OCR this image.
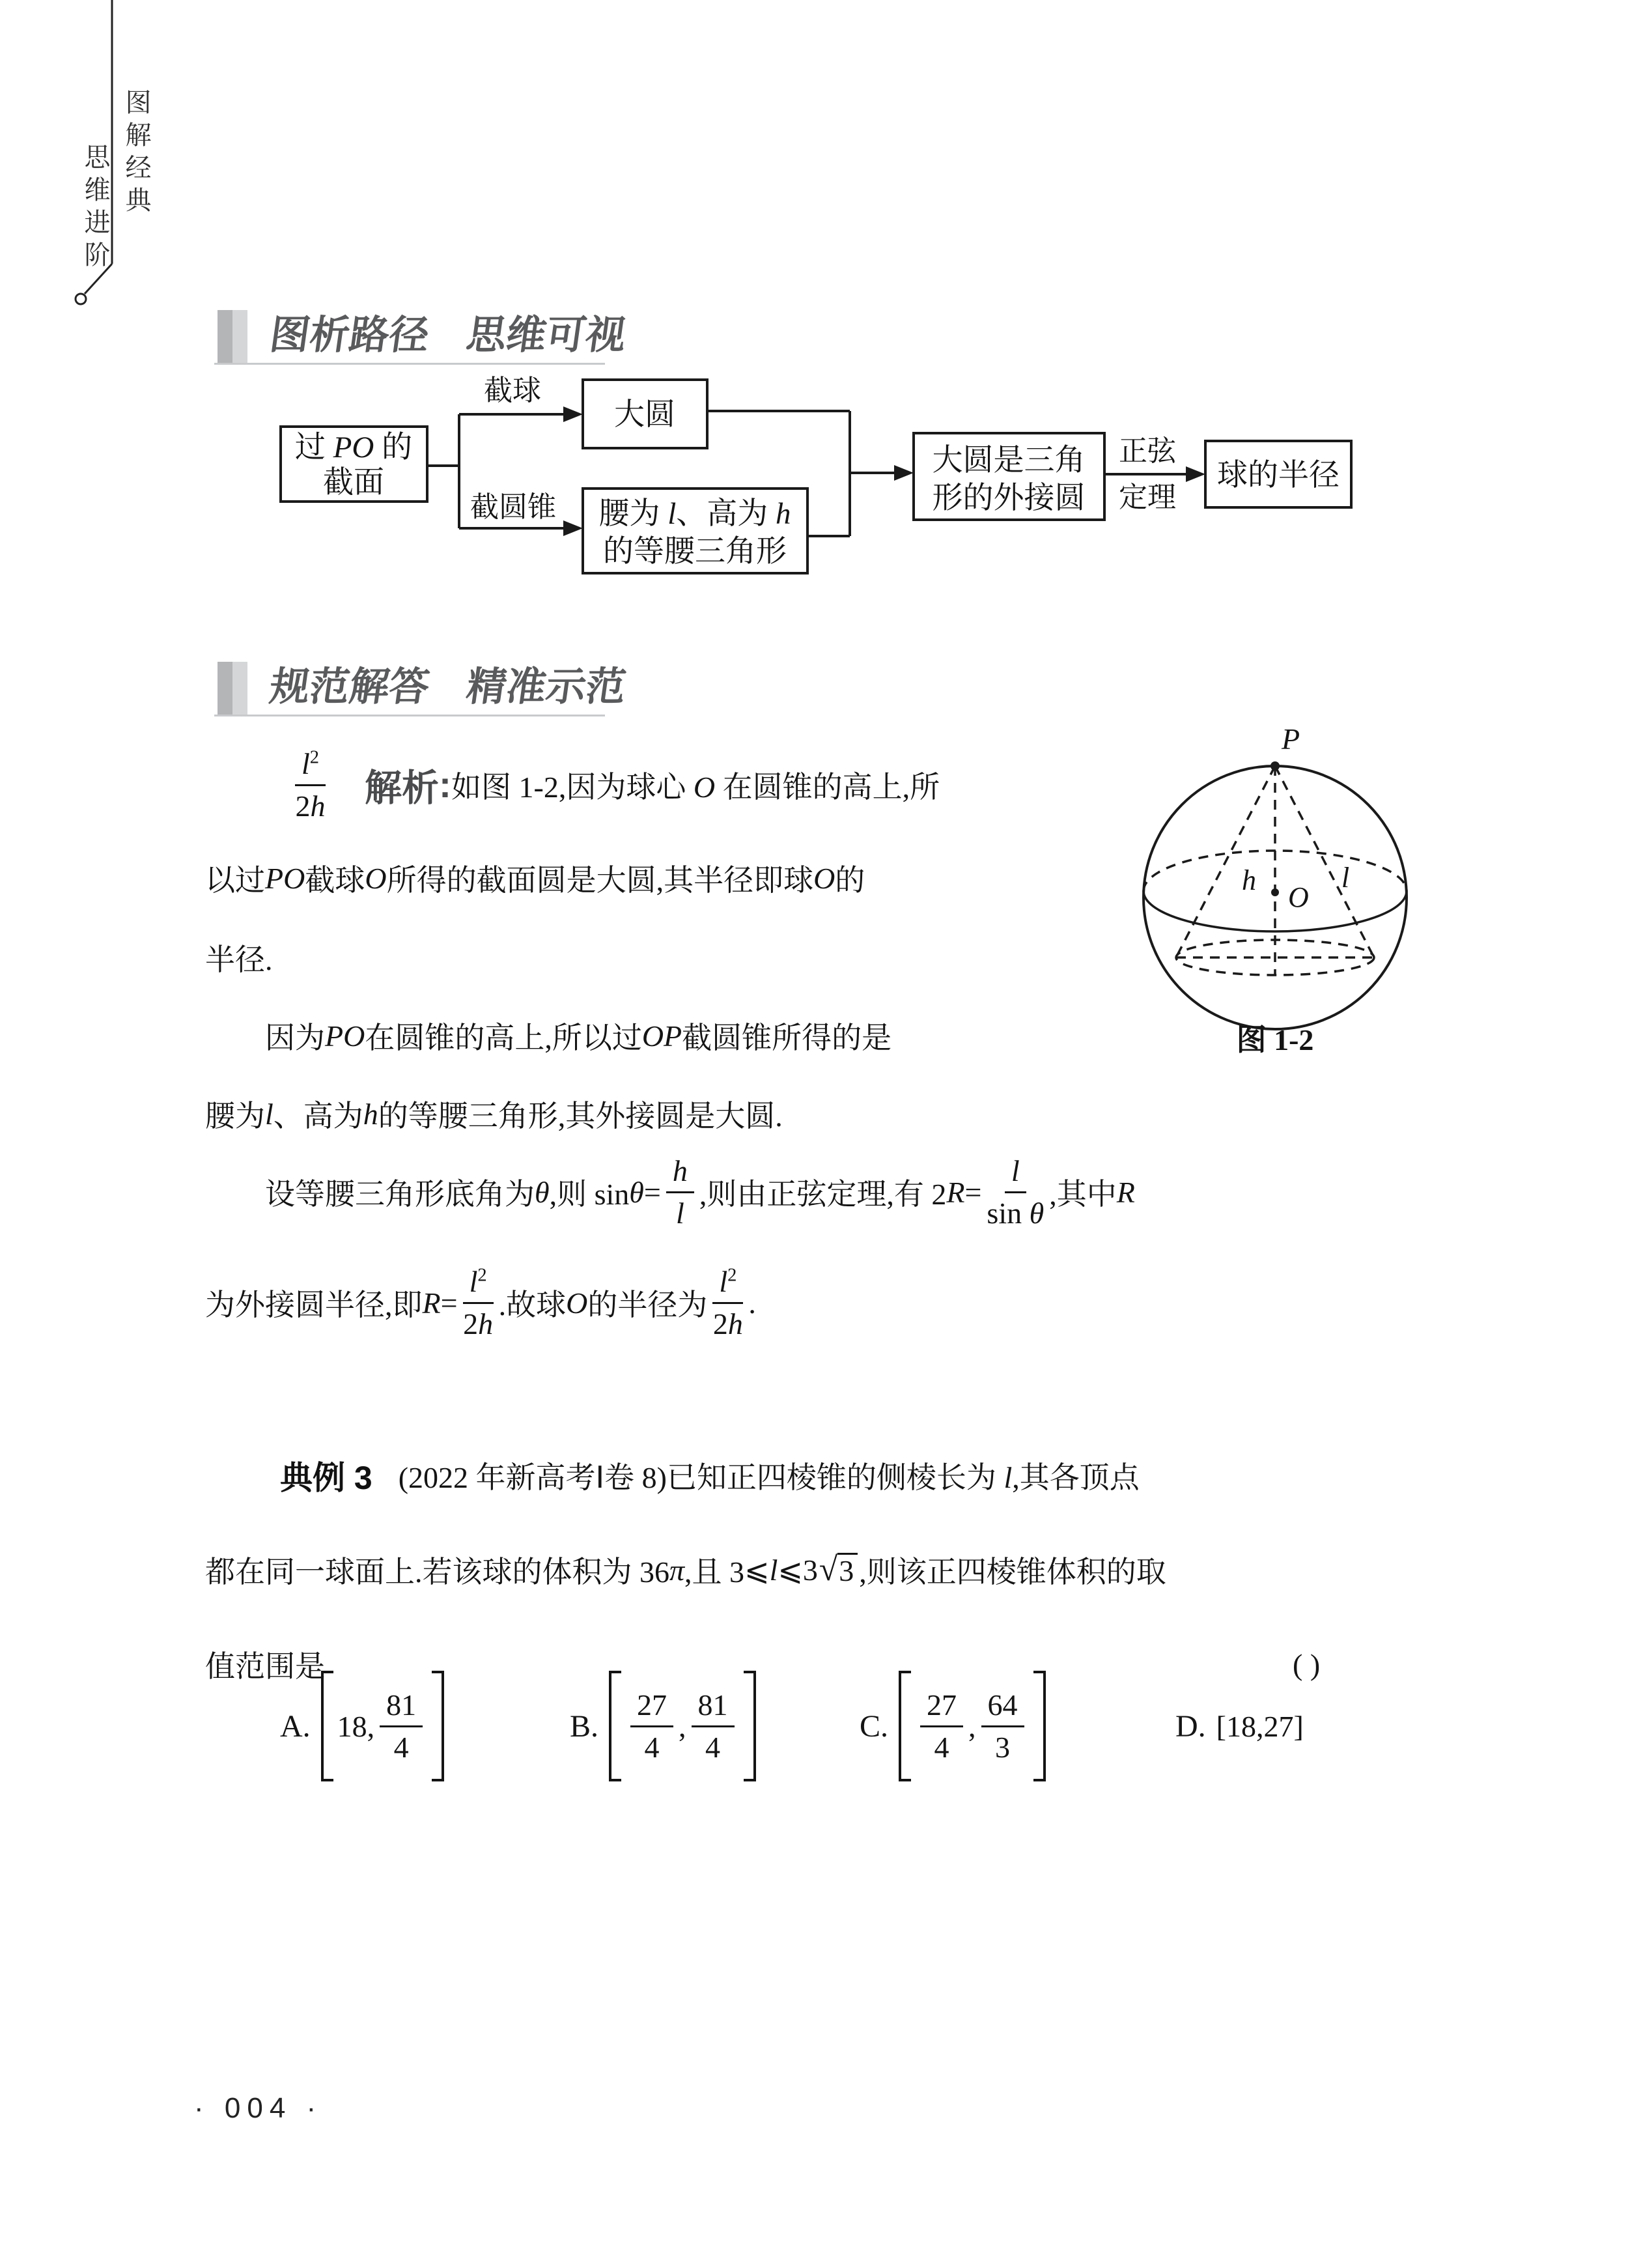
图解经典
思维进阶
图析路径 思维可视
过 PO 的
截面
截球
截圆锥
大圆
腰为 l、高为 h
的等腰三角形
大圆是三角
形的外接圆
正弦
定理
球的半径
规范解答 精准示范
$\frac{l^2}{2h}$ 解析 : 如图 1-2,因为球心 O 在圆锥的高上,所
以过 PO 截球 O 所得的截面圆是大圆,其半径即球 O 的
半径.
因为 PO 在圆锥的高上,所以过 OP 截圆锥所得的是
腰为 l 、高为 h 的等腰三角形,其外接圆是大圆.
设等腰三角形底角为 θ ,则 $\sin \theta = \frac{h}{l}$ ,则由正弦定理,有 2 $R = \frac{l}{\text{sin θ}}$ ,其中 R
为外接圆半径,即 $R = \frac{l^2}{2h}$ .故球 O 的半径为 $\frac{l^2}{2h}$ .
P
h	l
O
图 1-2
典例 3 (2022 年新高考Ⅰ卷 8)已知正四棱锥的侧棱长为 l,其各顶点
都在同一球面上.若该球的体积为 36 π ,且 3 ⩽ l ⩽ 3 √ 3 ,则该正四棱锥体积的取
值范围是	( )
A. 18, $\frac{81}{4}$	B. $\frac{27}{4}$ , $\frac{81}{4}$	C. $\frac{27}{4}$ , $\frac{64}{3}$	D. [18,27]
· 004 ·
